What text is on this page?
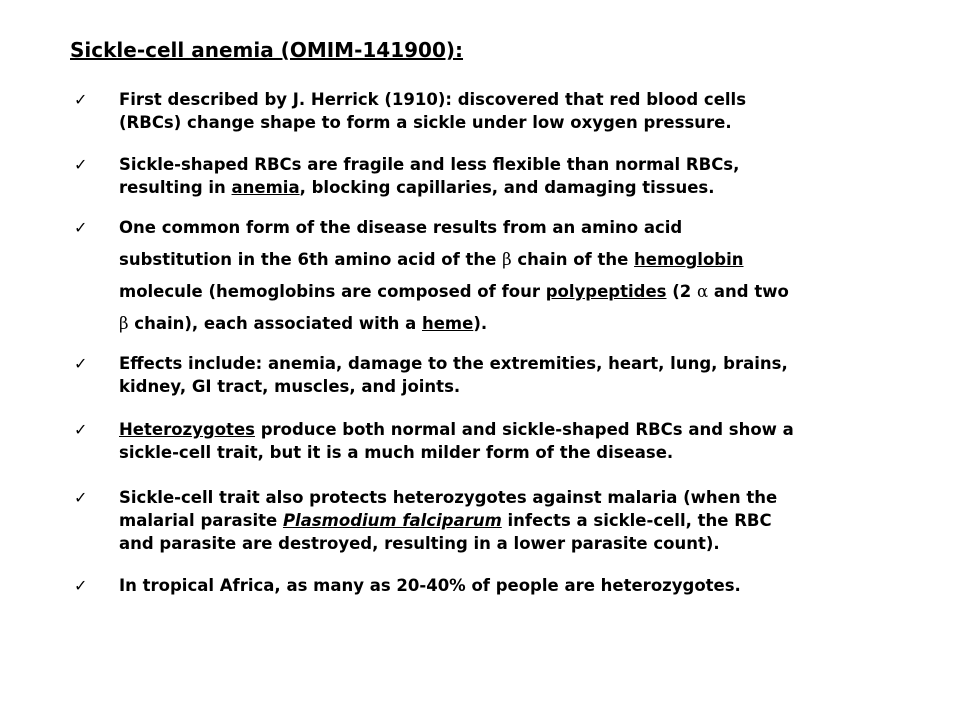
Sickle-cell anemia (OMIM-141900):
✓	First described by J. Herrick (1910): discovered that red blood cells
(RBCs) change shape to form a sickle under low oxygen pressure.
✓	Sickle-shaped RBCs are fragile and less flexible than normal RBCs,
resulting in anemia, blocking capillaries, and damaging tissues.
✓	One common form of the disease results from an amino acid
substitution in the 6th amino acid of the β chain of the hemoglobin
molecule (hemoglobins are composed of four polypeptides (2 α and two
β chain), each associated with a heme).
✓	Effects include: anemia, damage to the extremities, heart, lung, brains,
kidney, GI tract, muscles, and joints.
✓	Heterozygotes produce both normal and sickle-shaped RBCs and show a
sickle-cell trait, but it is a much milder form of the disease.
✓	Sickle-cell trait also protects heterozygotes against malaria (when the
malarial parasite Plasmodium falciparum infects a sickle-cell, the RBC
and parasite are destroyed, resulting in a lower parasite count).
✓	In tropical Africa, as many as 20-40% of people are heterozygotes.
